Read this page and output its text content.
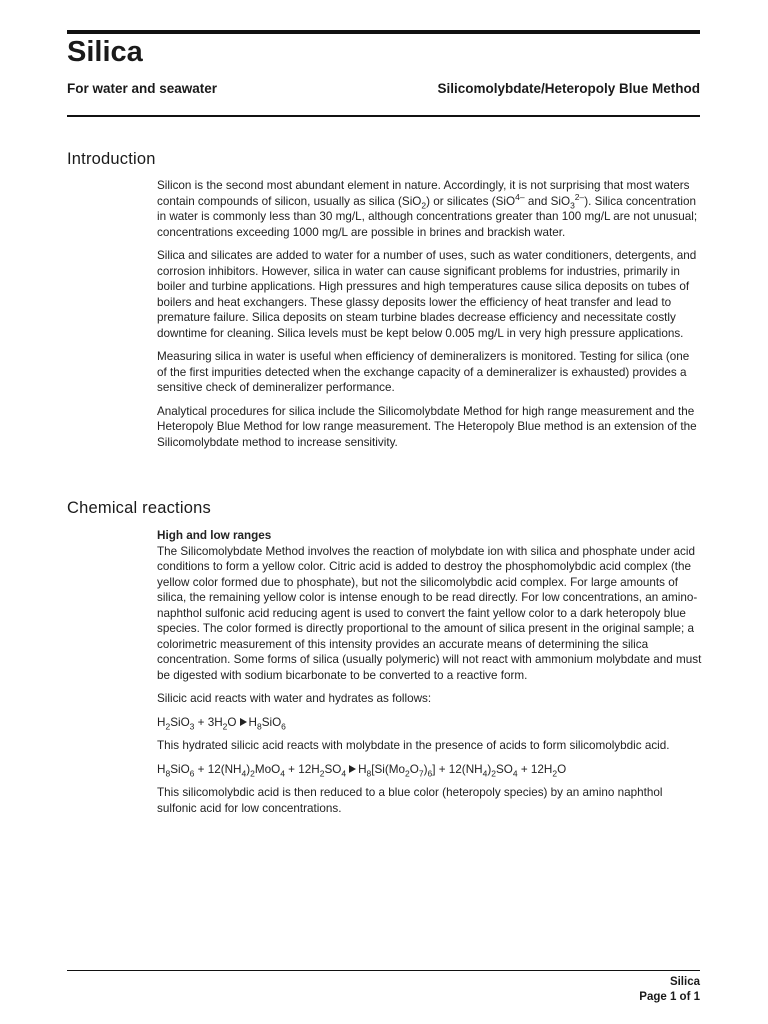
Silica
For water and seawater	Silicomolybdate/Heteropoly Blue Method
Introduction

Silicon is the second most abundant element in nature. Accordingly, it is not surprising that most waters contain compounds of silicon, usually as silica (SiO$_2$) or silicates (SiO$^{4-}$ and SiO$_3^{2-}$). Silica concentration in water is commonly less than 30 mg/L, although concentrations greater than 100 mg/L are not unusual; concentrations exceeding 1000 mg/L are possible in brines and brackish water.

Silica and silicates are added to water for a number of uses, such as water conditioners, detergents, and corrosion inhibitors. However, silica in water can cause significant problems for industries, primarily in boiler and turbine applications. High pressures and high temperatures cause silica deposits on tubes of boilers and heat exchangers. These glassy deposits lower the efficiency of heat transfer and lead to premature failure. Silica deposits on steam turbine blades decrease efficiency and necessitate costly downtime for cleaning. Silica levels must be kept below 0.005 mg/L in very high pressure applications.

Measuring silica in water is useful when efficiency of demineralizers is monitored. Testing for silica (one of the first impurities detected when the exchange capacity of a demineralizer is exhausted) provides a sensitive check of demineralizer performance.

Analytical procedures for silica include the Silicomolybdate Method for high range measurement and the Heteropoly Blue Method for low range measurement. The Heteropoly Blue method is an extension of the Silicomolybdate method to increase sensitivity.

Chemical reactions

High and low ranges

The Silicomolybdate Method involves the reaction of molybdate ion with silica and phosphate under acid conditions to form a yellow color. Citric acid is added to destroy the phosphomolybdic acid complex (the yellow color formed due to phosphate), but not the silicomolybdic acid complex. For large amounts of silica, the remaining yellow color is intense enough to be read directly. For low concentrations, an amino-naphthol sulfonic acid reducing agent is used to convert the faint yellow color to a dark heteropoly blue species. The color formed is directly proportional to the amount of silica present in the original sample; a colorimetric measurement of this intensity provides an accurate means of determining the silica concentration. Some forms of silica (usually polymeric) will not react with ammonium molybdate and must be digested with sodium bicarbonate to be converted to a reactive form.

Silicic acid reacts with water and hydrates as follows:

$H_2SiO_3 + 3H_2O$ $H_8SiO_6$

This hydrated silicic acid reacts with molybdate in the presence of acids to form silicomolybdic acid.

$H_8SiO_6 + 12(NH_4)_2MoO_4 + 12H_2SO_4$ $H_8[Si(Mo_2O_7)_6] + 12(NH_4)_2SO_4 + 12H_2O$

This silicomolybdic acid is then reduced to a blue color (heteropoly species) by an amino naphthol sulfonic acid for low concentrations.

Silica
Page 1 of 1
